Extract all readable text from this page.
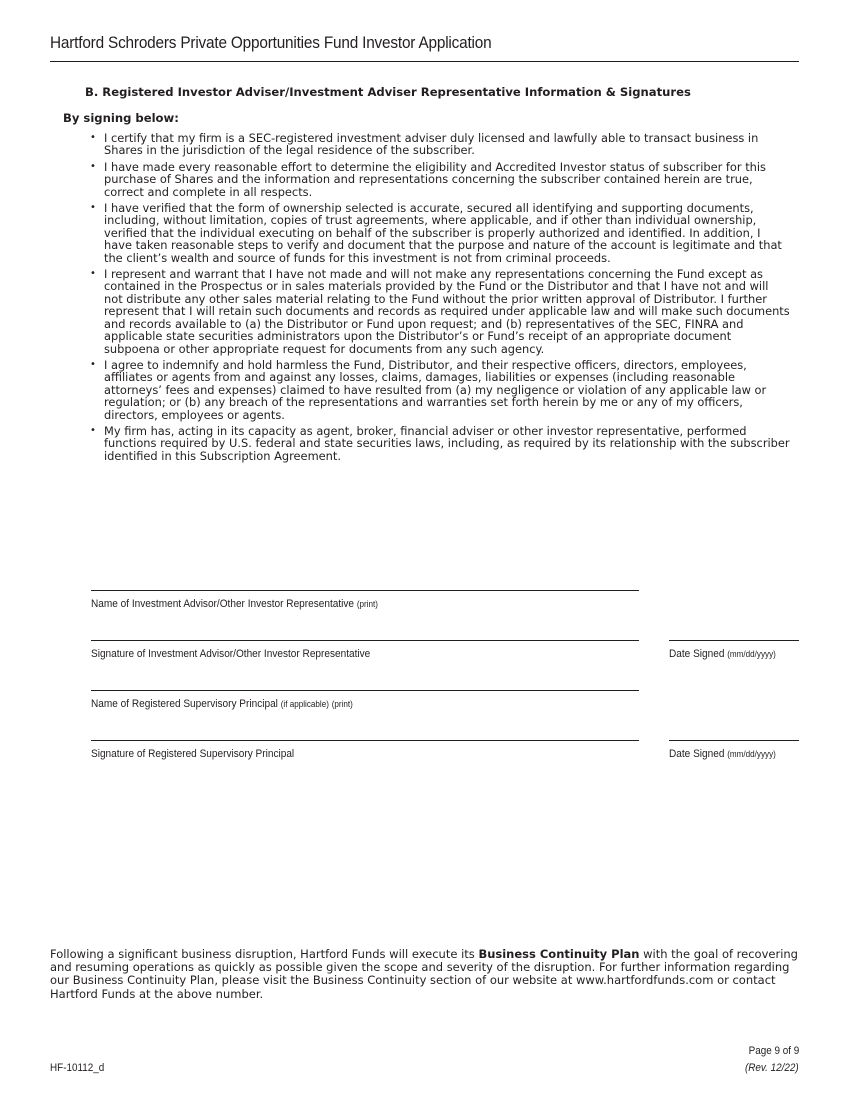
Hartford Schroders Private Opportunities Fund Investor Application
B. Registered Investor Adviser/Investment Adviser Representative Information & Signatures
By signing below:
• I certify that my firm is a SEC-registered investment adviser duly licensed and lawfully able to transact business in Shares in the jurisdiction of the legal residence of the subscriber.
• I have made every reasonable effort to determine the eligibility and Accredited Investor status of subscriber for this purchase of Shares and the information and representations concerning the subscriber contained herein are true, correct and complete in all respects.
• I have verified that the form of ownership selected is accurate, secured all identifying and supporting documents, including, without limitation, copies of trust agreements, where applicable, and if other than individual ownership, verified that the individual executing on behalf of the subscriber is properly authorized and identified. In addition, I have taken reasonable steps to verify and document that the purpose and nature of the account is legitimate and that the client’s wealth and source of funds for this investment is not from criminal proceeds.
• I represent and warrant that I have not made and will not make any representations concerning the Fund except as contained in the Prospectus or in sales materials provided by the Fund or the Distributor and that I have not and will not distribute any other sales material relating to the Fund without the prior written approval of Distributor. I further represent that I will retain such documents and records as required under applicable law and will make such documents and records available to (a) the Distributor or Fund upon request; and (b) representatives of the SEC, FINRA and applicable state securities administrators upon the Distributor’s or Fund’s receipt of an appropriate document subpoena or other appropriate request for documents from any such agency.
• I agree to indemnify and hold harmless the Fund, Distributor, and their respective officers, directors, employees, affiliates or agents from and against any losses, claims, damages, liabilities or expenses (including reasonable attorneys’ fees and expenses) claimed to have resulted from (a) my negligence or violation of any applicable law or regulation; or (b) any breach of the representations and warranties set forth herein by me or any of my officers, directors, employees or agents.
• My firm has, acting in its capacity as agent, broker, financial adviser or other investor representative, performed functions required by U.S. federal and state securities laws, including, as required by its relationship with the subscriber identified in this Subscription Agreement.
Name of Investment Advisor/Other Investor Representative (print)
Signature of Investment Advisor/Other Investor Representative	Date Signed (mm/dd/yyyy)
Name of Registered Supervisory Principal (if applicable) (print)
Signature of Registered Supervisory Principal	Date Signed (mm/dd/yyyy)
Following a significant business disruption, Hartford Funds will execute its Business Continuity Plan with the goal of recovering and resuming operations as quickly as possible given the scope and severity of the disruption. For further information regarding our Business Continuity Plan, please visit the Business Continuity section of our website at www.hartfordfunds.com or contact Hartford Funds at the above number.
Page 9 of 9
(Rev. 12/22)
HF-10112_d
